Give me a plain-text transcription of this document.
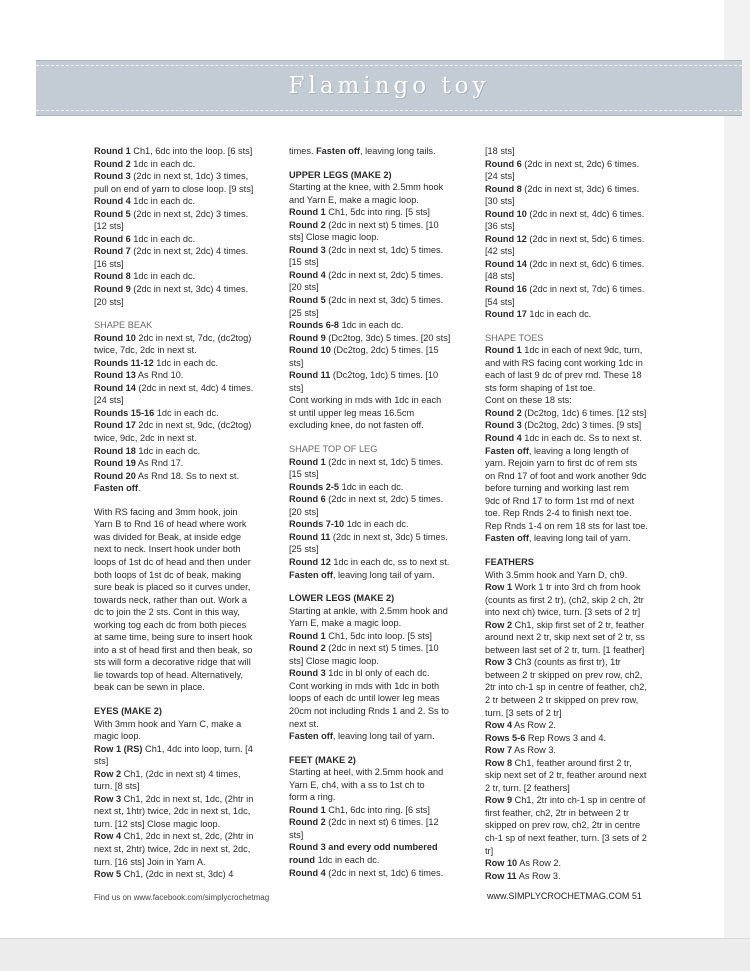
Flamingo toy
Round 1 Ch1, 6dc into the loop. [6 sts]
Round 2 1dc in each dc.
Round 3 (2dc in next st, 1dc) 3 times,
pull on end of yarn to close loop. [9 sts]
Round 4 1dc in each dc.
Round 5 (2dc in next st, 2dc) 3 times.
[12 sts]
Round 6 1dc in each dc.
Round 7 (2dc in next st, 2dc) 4 times.
[16 sts]
Round 8 1dc in each dc.
Round 9 (2dc in next st, 3dc) 4 times.
[20 sts]
SHAPE BEAK
Round 10 2dc in next st, 7dc, (dc2tog)
twice, 7dc, 2dc in next st.
Rounds 11-12 1dc in each dc.
Round 13 As Rnd 10.
Round 14 (2dc in next st, 4dc) 4 times.
[24 sts]
Rounds 15-16 1dc in each dc.
Round 17 2dc in next st, 9dc, (dc2tog)
twice, 9dc, 2dc in next st.
Round 18 1dc in each dc.
Round 19 As Rnd 17.
Round 20 As Rnd 18. Ss to next st.
Fasten off.
With RS facing and 3mm hook, join
Yarn B to Rnd 16 of head where work
was divided for Beak, at inside edge
next to neck. Insert hook under both
loops of 1st dc of head and then under
both loops of 1st dc of beak, making
sure beak is placed so it curves under,
towards neck, rather than out. Work a
dc to join the 2 sts. Cont in this way,
working tog each dc from both pieces
at same time, being sure to insert hook
into a st of head first and then beak, so
sts will form a decorative ridge that will
lie towards top of head. Alternatively,
beak can be sewn in place.
EYES (MAKE 2)
With 3mm hook and Yarn C, make a
magic loop.
Row 1 (RS) Ch1, 4dc into loop, turn. [4
sts]
Row 2 Ch1, (2dc in next st) 4 times,
turn. [8 sts]
Row 3 Ch1, 2dc in next st, 1dc, (2htr in
next st, 1htr) twice, 2dc in next st, 1dc,
turn. [12 sts] Close magic loop.
Row 4 Ch1, 2dc in next st, 2dc, (2htr in
next st, 2htr) twice, 2dc in next st, 2dc,
turn. [16 sts] Join in Yarn A.
Row 5 Ch1, (2dc in next st, 3dc) 4
times. Fasten off, leaving long tails.
UPPER LEGS (MAKE 2)
Starting at the knee, with 2.5mm hook
and Yarn E, make a magic loop.
Round 1 Ch1, 5dc into ring. [5 sts]
Round 2 (2dc in next st) 5 times. [10
sts] Close magic loop.
Round 3 (2dc in next st, 1dc) 5 times.
[15 sts]
Round 4 (2dc in next st, 2dc) 5 times.
[20 sts]
Round 5 (2dc in next st, 3dc) 5 times.
[25 sts]
Rounds 6-8 1dc in each dc.
Round 9 (Dc2tog, 3dc) 5 times. [20 sts]
Round 10 (Dc2tog, 2dc) 5 times. [15
sts]
Round 11 (Dc2tog, 1dc) 5 times. [10
sts]
Cont working in rnds with 1dc in each
st until upper leg meas 16.5cm
excluding knee, do not fasten off.
SHAPE TOP OF LEG
Round 1 (2dc in next st, 1dc) 5 times.
[15 sts]
Rounds 2-5 1dc in each dc.
Round 6 (2dc in next st, 2dc) 5 times.
[20 sts]
Rounds 7-10 1dc in each dc.
Round 11 (2dc in next st, 3dc) 5 times.
[25 sts]
Round 12 1dc in each dc, ss to next st.
Fasten off, leaving long tail of yarn.
LOWER LEGS (MAKE 2)
Starting at ankle, with 2.5mm hook and
Yarn E, make a magic loop.
Round 1 Ch1, 5dc into loop. [5 sts]
Round 2 (2dc in next st) 5 times. [10
sts] Close magic loop.
Round 3 1dc in bl only of each dc.
Cont working in rnds with 1dc in both
loops of each dc until lower leg meas
20cm not including Rnds 1 and 2. Ss to
next st.
Fasten off, leaving long tail of yarn.
FEET (MAKE 2)
Starting at heel, with 2.5mm hook and
Yarn E, ch4, with a ss to 1st ch to
form a ring.
Round 1 Ch1, 6dc into ring. [6 sts]
Round 2 (2dc in next st) 6 times. [12
sts]
Round 3 and every odd numbered
round 1dc in each dc.
Round 4 (2dc in next st, 1dc) 6 times.
[18 sts]
Round 6 (2dc in next st, 2dc) 6 times.
[24 sts]
Round 8 (2dc in next st, 3dc) 6 times.
[30 sts]
Round 10 (2dc in next st, 4dc) 6 times.
[36 sts]
Round 12 (2dc in next st, 5dc) 6 times.
[42 sts]
Round 14 (2dc in next st, 6dc) 6 times.
[48 sts]
Round 16 (2dc in next st, 7dc) 6 times.
[54 sts]
Round 17 1dc in each dc.
SHAPE TOES
Round 1 1dc in each of next 9dc, turn,
and with RS facing cont working 1dc in
each of last 9 dc of prev rnd. These 18
sts form shaping of 1st toe.
Cont on these 18 sts:
Round 2 (Dc2tog, 1dc) 6 times. [12 sts]
Round 3 (Dc2tog, 2dc) 3 times. [9 sts]
Round 4 1dc in each dc. Ss to next st.
Fasten off, leaving a long length of
yarn. Rejoin yarn to first dc of rem sts
on Rnd 17 of foot and work another 9dc
before turning and working last rem
9dc of Rnd 17 to form 1st rnd of next
toe. Rep Rnds 2-4 to finish next toe.
Rep Rnds 1-4 on rem 18 sts for last toe.
Fasten off, leaving long tail of yarn.
FEATHERS
With 3.5mm hook and Yarn D, ch9.
Row 1 Work 1 tr into 3rd ch from hook
(counts as first 2 tr), (ch2, skip 2 ch, 2tr
into next ch) twice, turn. [3 sets of 2 tr]
Row 2 Ch1, skip first set of 2 tr, feather
around next 2 tr, skip next set of 2 tr, ss
between last set of 2 tr, turn. [1 feather]
Row 3 Ch3 (counts as first tr), 1tr
between 2 tr skipped on prev row, ch2,
2tr into ch-1 sp in centre of feather, ch2,
2 tr between 2 tr skipped on prev row,
turn. [3 sets of 2 tr]
Row 4 As Row 2.
Rows 5-6 Rep Rows 3 and 4.
Row 7 As Row 3.
Row 8 Ch1, feather around first 2 tr,
skip next set of 2 tr, feather around next
2 tr, turn. [2 feathers]
Row 9 Ch1, 2tr into ch-1 sp in centre of
first feather, ch2, 2tr in between 2 tr
skipped on prev row, ch2, 2tr in centre
ch-1 sp of next feather, turn. [3 sets of 2
tr]
Row 10 As Row 2.
Row 11 As Row 3.
Find us on www.facebook.com/simplycrochetmag	www.SIMPLYCROCHETMAG.COM 51
